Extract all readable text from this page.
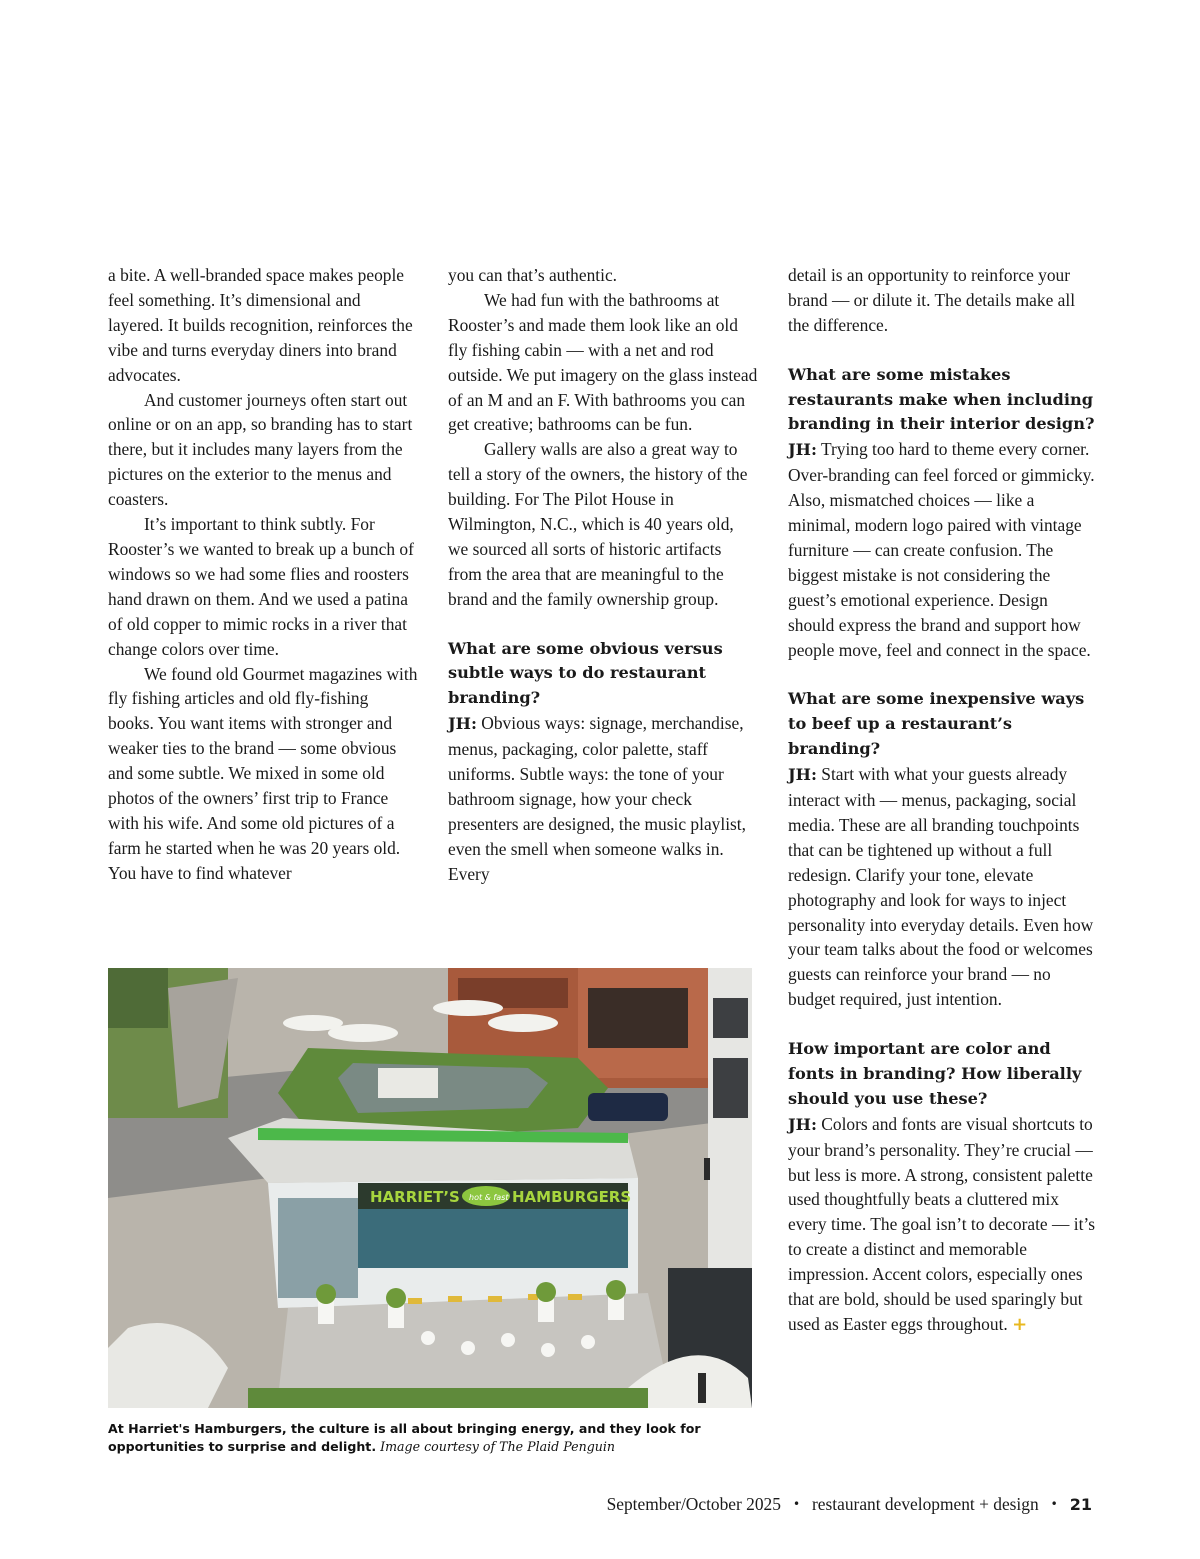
a bite. A well-branded space makes people feel something. It’s dimensional and layered. It builds recognition, reinforces the vibe and turns everyday diners into brand advocates.

And customer journeys often start out online or on an app, so branding has to start there, but it includes many layers from the pictures on the exterior to the menus and coasters.

It’s important to think subtly. For Rooster’s we wanted to break up a bunch of windows so we had some flies and roosters hand drawn on them. And we used a patina of old copper to mimic rocks in a river that change colors over time.

We found old Gourmet magazines with fly fishing articles and old fly-fishing books. You want items with stronger and weaker ties to the brand — some obvious and some subtle. We mixed in some old photos of the owners’ first trip to France with his wife. And some old pictures of a farm he started when he was 20 years old. You have to find whatever

you can that’s authentic.

We had fun with the bathrooms at Rooster’s and made them look like an old fly fishing cabin — with a net and rod outside. We put imagery on the glass instead of an M and an F. With bathrooms you can get creative; bathrooms can be fun.

Gallery walls are also a great way to tell a story of the owners, the history of the building. For The Pilot House in Wilmington, N.C., which is 40 years old, we sourced all sorts of historic artifacts from the area that are meaningful to the brand and the family ownership group.

What are some obvious versus subtle ways to do restaurant branding?

JH: Obvious ways: signage, merchandise, menus, packaging, color palette, staff uniforms. Subtle ways: the tone of your bathroom signage, how your check presenters are designed, the music playlist, even the smell when someone walks in. Every

detail is an opportunity to reinforce your brand — or dilute it. The details make all the difference.

What are some mistakes restaurants make when including branding in their interior design?

JH: Trying too hard to theme every corner. Over-branding can feel forced or gimmicky. Also, mismatched choices — like a minimal, modern logo paired with vintage furniture — can create confusion. The biggest mistake is not considering the guest’s emotional experience. Design should express the brand and support how people move, feel and connect in the space.

What are some inexpensive ways to beef up a restaurant’s branding?

JH: Start with what your guests already interact with — menus, packaging, social media. These are all branding touchpoints that can be tightened up without a full redesign. Clarify your tone, elevate photography and look for ways to inject personality into everyday details. Even how your team talks about the food or welcomes guests can reinforce your brand — no budget required, just intention.

How important are color and fonts in branding? How liberally should you use these?

JH: Colors and fonts are visual shortcuts to your brand’s personality. They’re crucial — but less is more. A strong, consistent palette used thoughtfully beats a cluttered mix every time. The goal isn’t to decorate — it’s to create a distinct and memorable impression. Accent colors, especially ones that are bold, should be used sparingly but used as Easter eggs throughout. +

HARRIET’S hot & fast HAMBURGERS
At Harriet's Hamburgers, the culture is all about bringing energy, and they look for opportunities to surprise and delight. Image courtesy of The Plaid Penguin
September/October 2025 • restaurant development + design • 21
